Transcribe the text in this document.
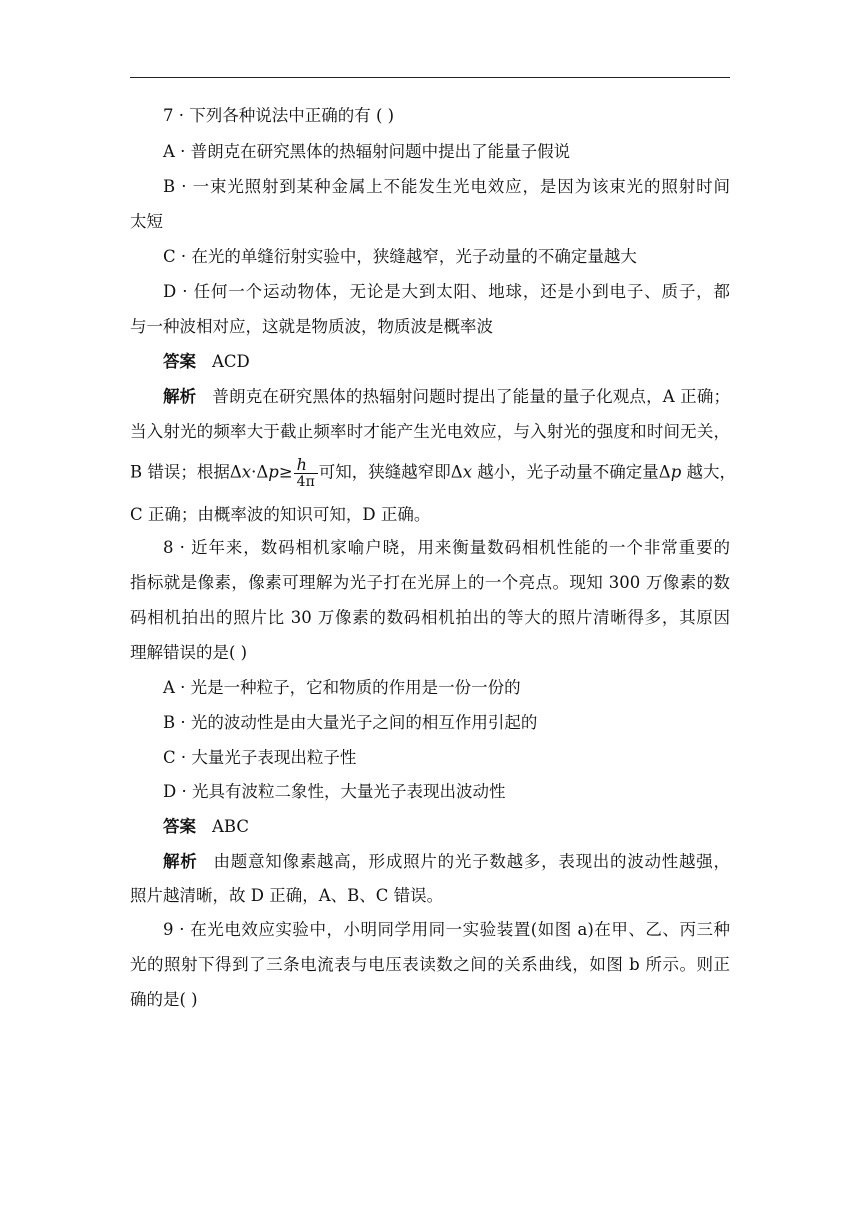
7 · 下列各种说法中正确的有 ( )
A · 普朗克在研究黑体的热辐射问题中提出了能量子假说
B · 一束光照射到某种金属上不能发生光电效应，是因为该束光的照射时间
太短
C · 在光的单缝衍射实验中，狭缝越窄，光子动量的不确定量越大
D · 任何一个运动物体，无论是大到太阳、地球，还是小到电子、质子，都
与一种波相对应，这就是物质波，物质波是概率波
答案 ACD
解析 普朗克在研究黑体的热辐射问题时提出了能量的量子化观点，A 正确；
当入射光的频率大于截止频率时才能产生光电效应，与入射光的强度和时间无关，
B 错误；根据$\Delta x\cdot\Delta p\ge \frac{h}{4\pi}$ 可知，狭缝越窄即Δx 越小，光子动量不确定量Δp 越大，
C 正确；由概率波的知识可知，D 正确。
8 · 近年来，数码相机家喻户晓，用来衡量数码相机性能的一个非常重要的
指标就是像素，像素可理解为光子打在光屏上的一个亮点。现知 300 万像素的数
码相机拍出的照片比 30 万像素的数码相机拍出的等大的照片清晰得多，其原因
理解错误的是( )
A · 光是一种粒子，它和物质的作用是一份一份的
B · 光的波动性是由大量光子之间的相互作用引起的
C · 大量光子表现出粒子性
D · 光具有波粒二象性，大量光子表现出波动性
答案 ABC
解析 由题意知像素越高，形成照片的光子数越多，表现出的波动性越强，
照片越清晰，故 D 正确，A、B、C 错误。
9 · 在光电效应实验中，小明同学用同一实验装置(如图 a)在甲、乙、丙三种
光的照射下得到了三条电流表与电压表读数之间的关系曲线，如图 b 所示。则正
确的是( )
